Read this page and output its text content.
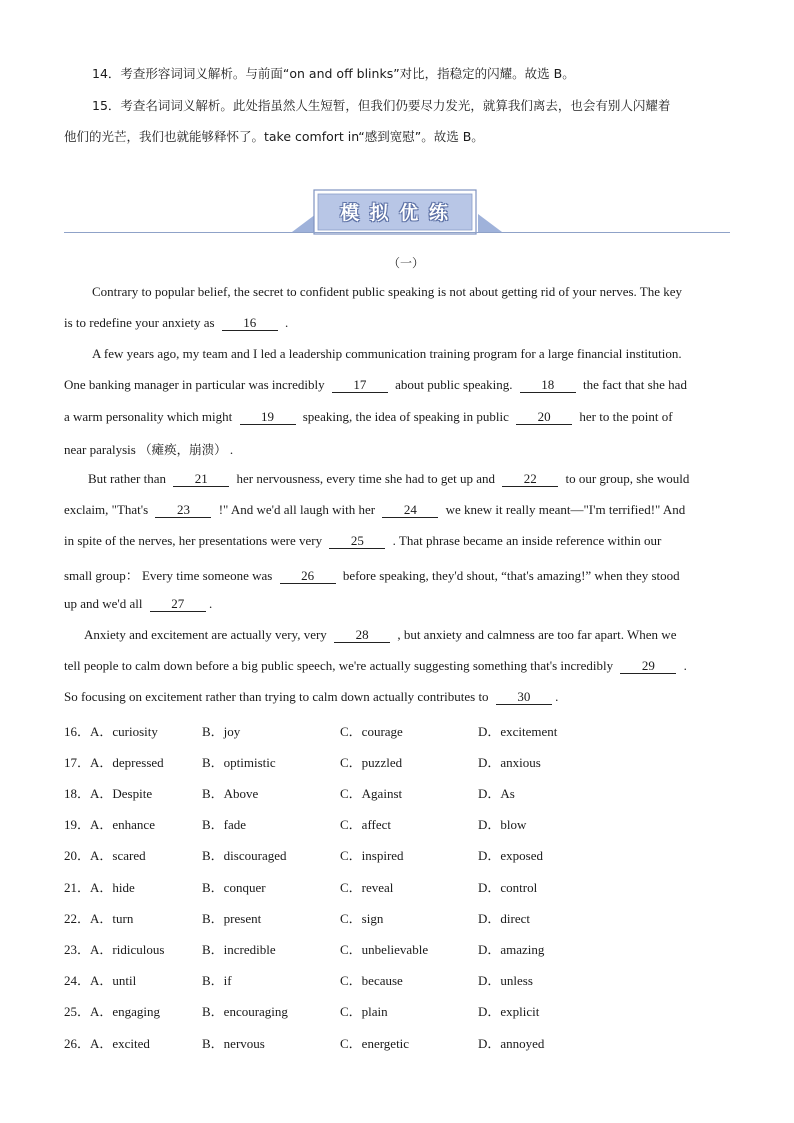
14．考查形容词词义解析。与前面“on and off blinks”对比，指稳定的闪耀。故选 B。
15．考查名词词义解析。此处指虽然人生短暂，但我们仍要尽力发光，就算我们离去，也会有别人闪耀着
他们的光芒，我们也就能够释怀了。take comfort in“感到宽慰”。故选 B。
模 拟 优 练
（一）
Contrary to popular belief, the secret to confident public speaking is not about getting rid of your nerves. The key
is to redefine your anxiety as 16 .
A few years ago, my team and I led a leadership communication training program for a large financial institution.
One banking manager in particular was incredibly 17 about public speaking. 18 the fact that she had
a warm personality which might 19 speaking, the idea of speaking in public 20 her to the point of
near paralysis （瘫痪，崩溃） .
But rather than 21 her nervousness, every time she had to get up and 22 to our group, she would
exclaim, "That's 23 !" And we'd all laugh with her 24 we knew it really meant—"I'm terrified!" And
in spite of the nerves, her presentations were very 25 . That phrase became an inside reference within our
small group： Every time someone was 26 before speaking, they'd shout, “that's amazing!” when they stood
up and we'd all 27 .
Anxiety and excitement are actually very, very 28 , but anxiety and calmness are too far apart. When we
tell people to calm down before a big public speech, we're actually suggesting something that's incredibly 29 .
So focusing on excitement rather than trying to calm down actually contributes to 30 .
16．A．curiosity	B．joy	C．courage	D．excitement
17．A．depressed	B．optimistic	C．puzzled	D．anxious
18．A．Despite	B．Above	C．Against	D．As
19．A．enhance	B．fade	C．affect	D．blow
20．A．scared	B．discouraged	C．inspired	D．exposed
21．A．hide	B．conquer	C．reveal	D．control
22．A．turn	B．present	C．sign	D．direct
23．A．ridiculous	B．incredible	C．unbelievable	D．amazing
24．A．until	B．if	C．because	D．unless
25．A．engaging	B．encouraging	C．plain	D．explicit
26．A．excited	B．nervous	C．energetic	D．annoyed
